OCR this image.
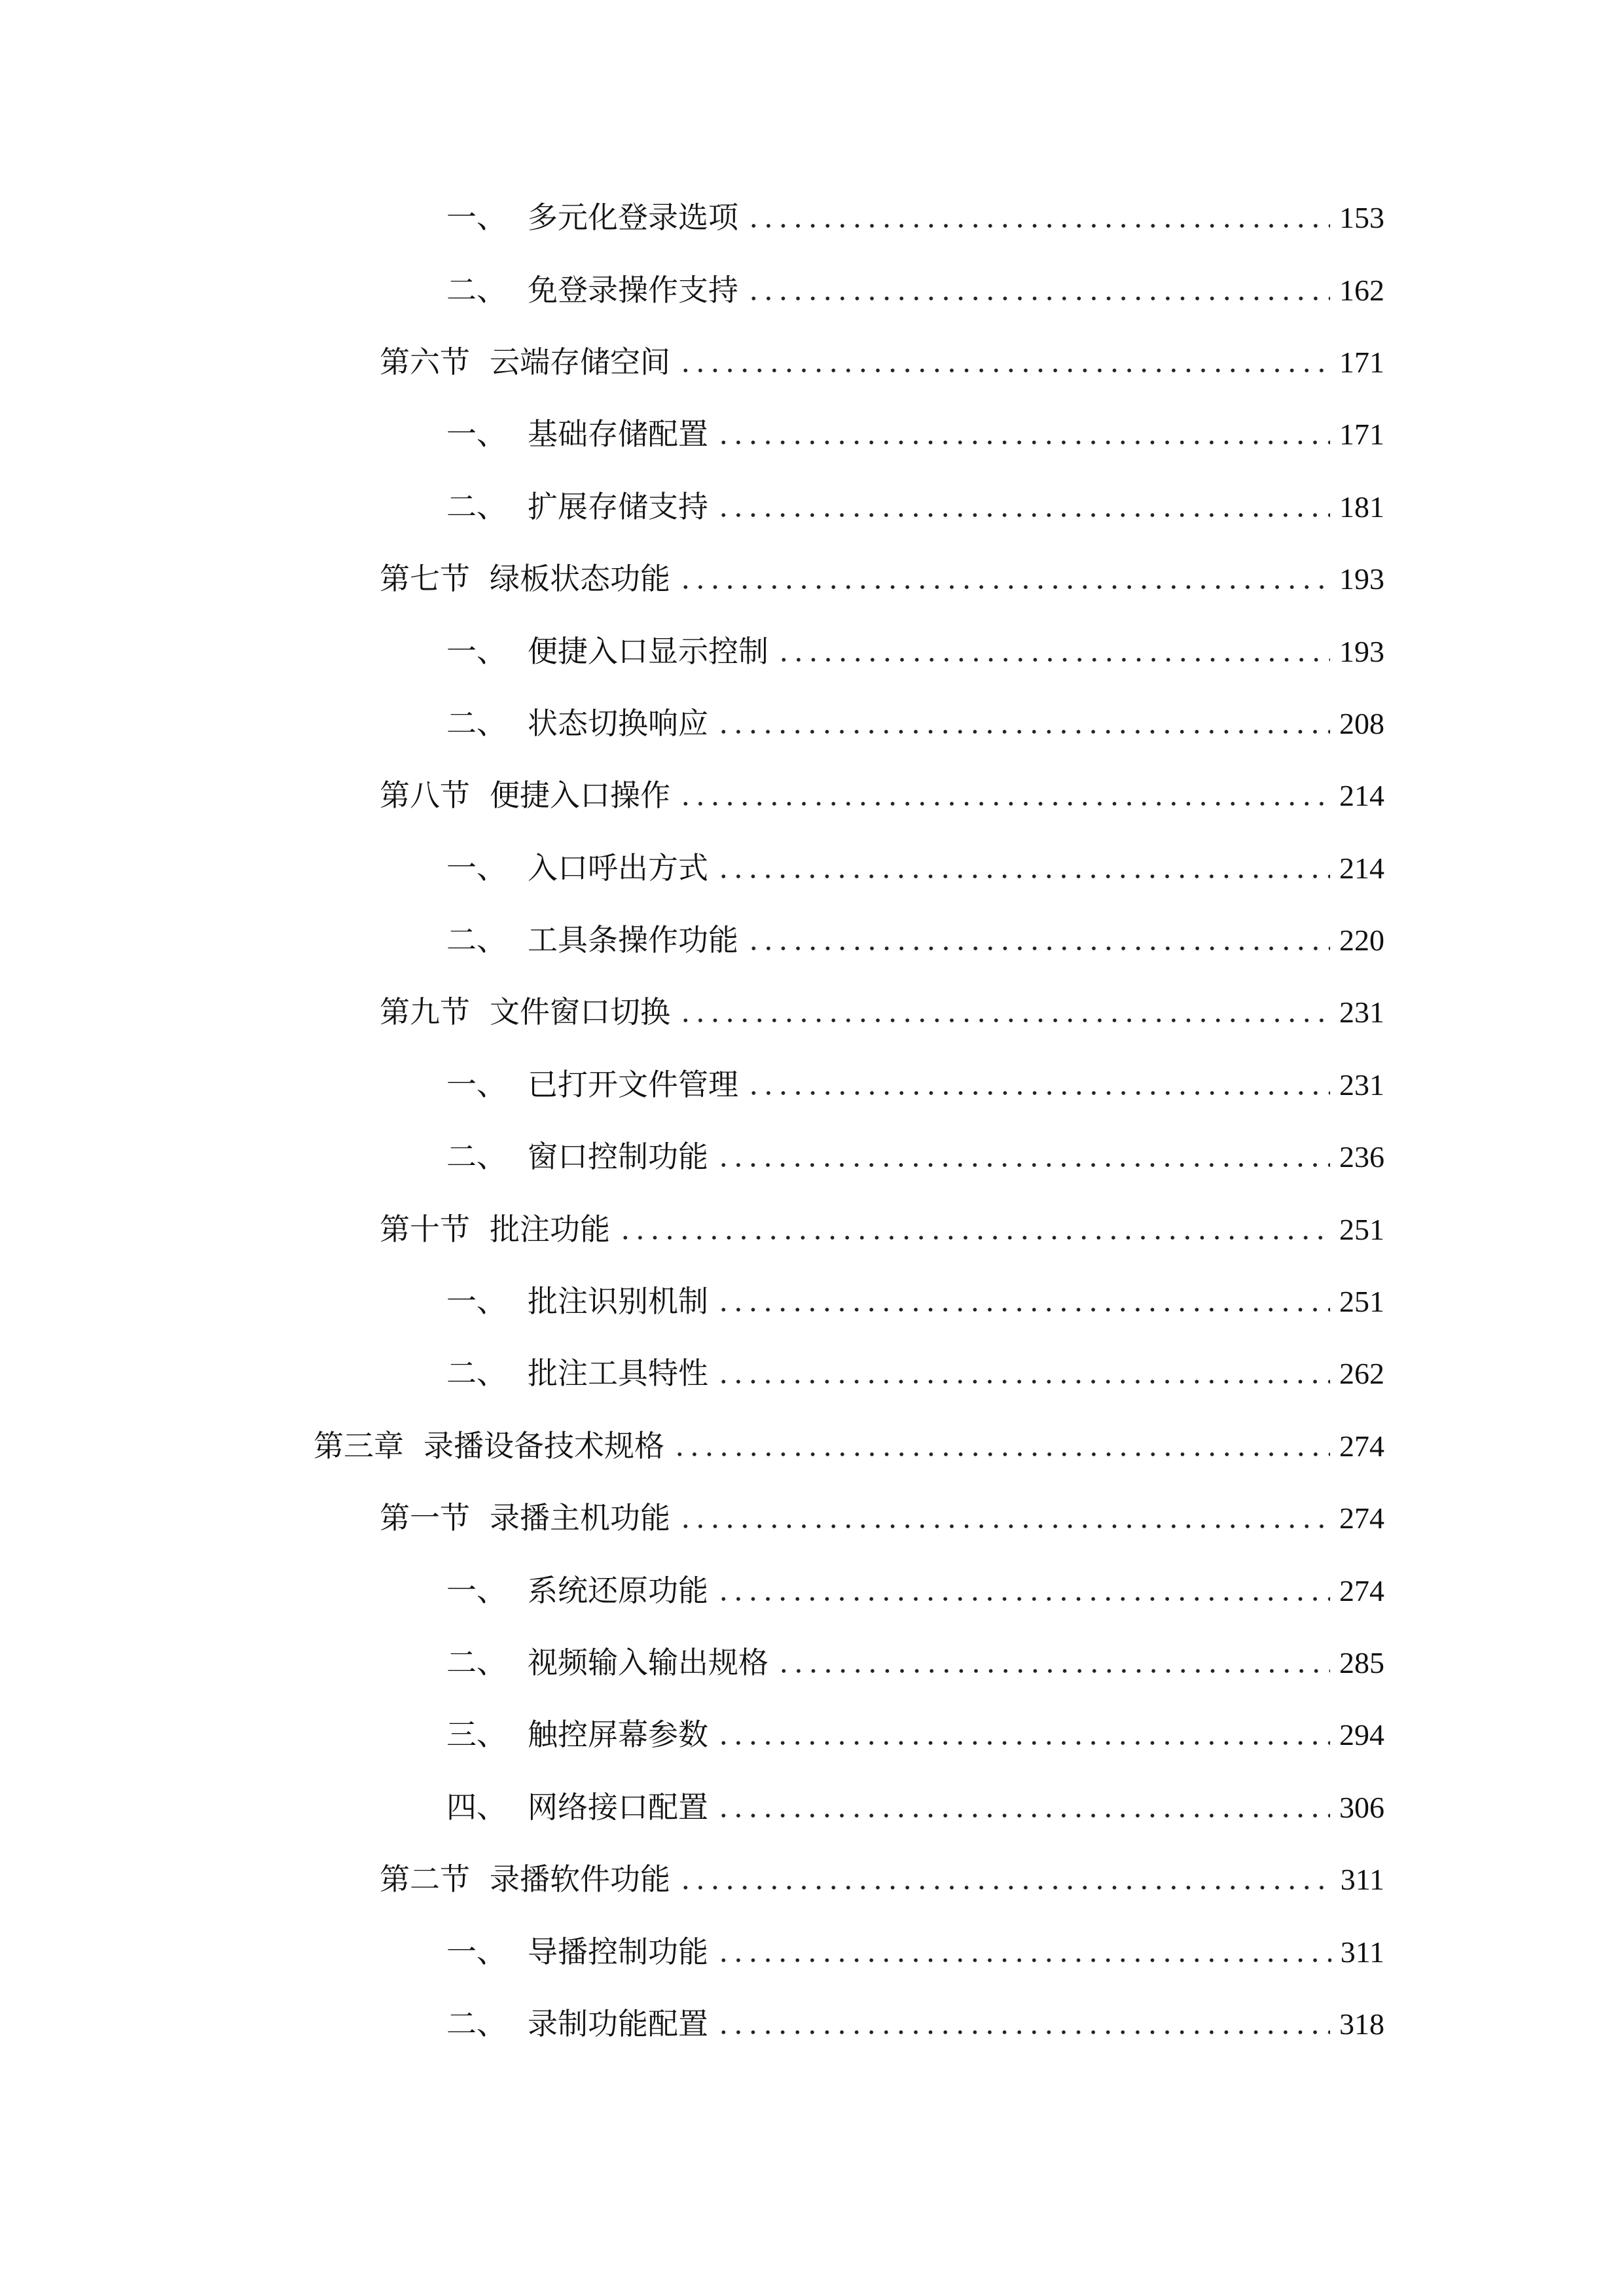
一、 多元化登录选项	153
二、 免登录操作支持	162
第六节 云端存储空间	171
一、 基础存储配置	171
二、 扩展存储支持	181
第七节 绿板状态功能	193
一、 便捷入口显示控制	193
二、 状态切换响应	208
第八节 便捷入口操作	214
一、 入口呼出方式	214
二、 工具条操作功能	220
第九节 文件窗口切换	231
一、 已打开文件管理	231
二、 窗口控制功能	236
第十节 批注功能	251
一、 批注识别机制	251
二、 批注工具特性	262
第三章 录播设备技术规格	274
第一节 录播主机功能	274
一、 系统还原功能	274
二、 视频输入输出规格	285
三、 触控屏幕参数	294
四、 网络接口配置	306
第二节 录播软件功能	311
一、 导播控制功能	311
二、 录制功能配置	318
